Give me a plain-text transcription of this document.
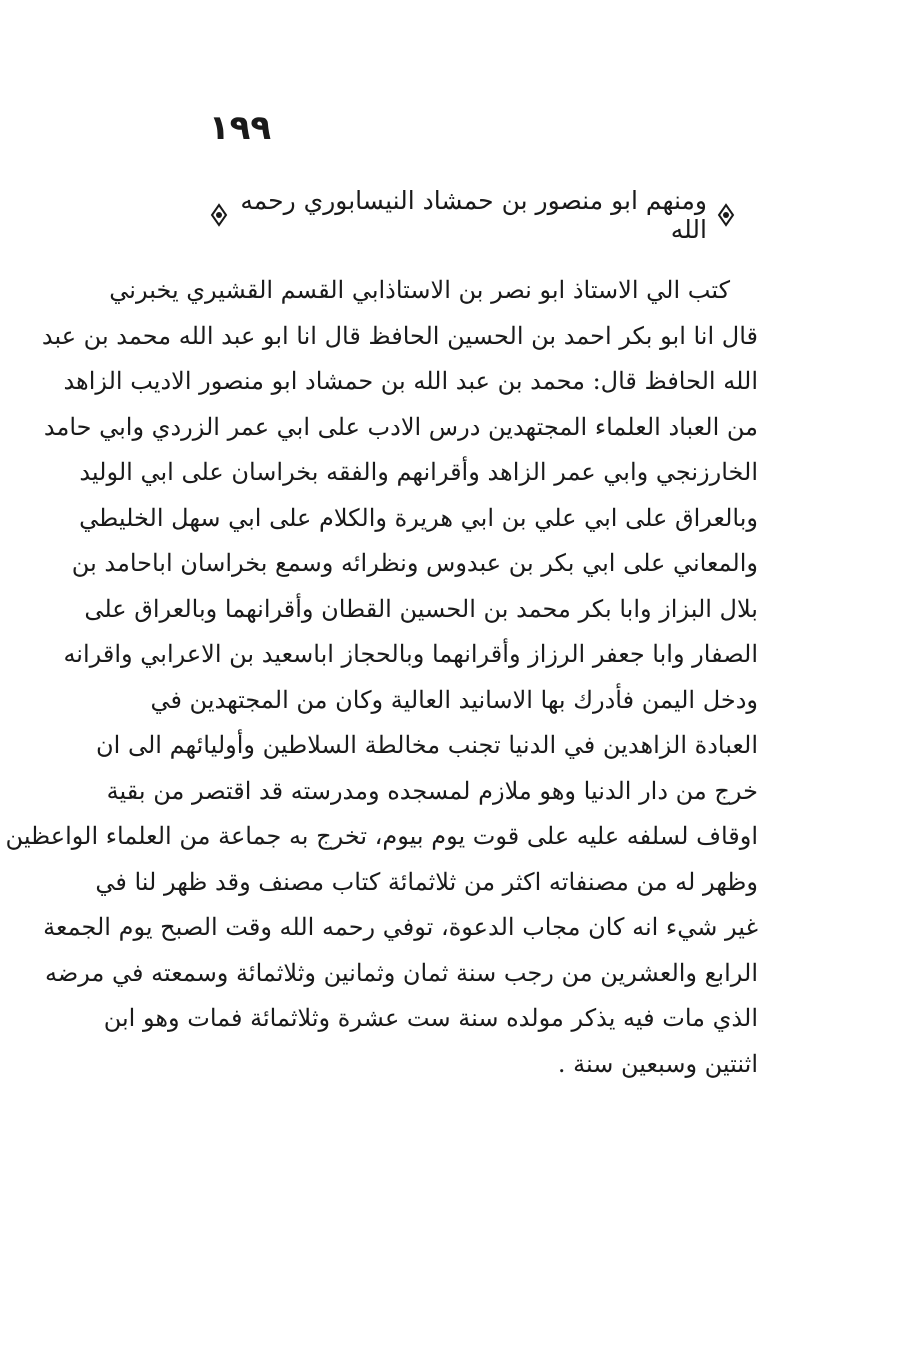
١٩٩
ومنهم ابو منصور بن حمشاد النيسابوري رحمه الله
كتب الي الاستاذ ابو نصر بن الاستاذابي القسم القشيري يخبرني
قال انا ابو بكر احمد بن الحسين الحافظ قال انا ابو عبد الله محمد بن عبد
الله الحافظ قال: محمد بن عبد الله بن حمشاد ابو منصور الاديب الزاهد
من العباد العلماء المجتهدين درس الادب على ابي عمر الزردي وابي حامد
الخارزنجي وابي عمر الزاهد وأقرانهم والفقه بخراسان على ابي الوليد
وبالعراق على ابي علي بن ابي هريرة والكلام على ابي سهل الخليطي
والمعاني على ابي بكر بن عبدوس ونظرائه وسمع بخراسان اباحامد بن
بلال البزاز وابا بكر محمد بن الحسين القطان وأقرانهما وبالعراق على
الصفار وابا جعفر الرزاز وأقرانهما وبالحجاز اباسعيد بن الاعرابي واقرانه
ودخل اليمن فأدرك بها الاسانيد العالية وكان من المجتهدين في
العبادة الزاهدين في الدنيا تجنب مخالطة السلاطين وأوليائهم الى ان
خرج من دار الدنيا وهو ملازم لمسجده ومدرسته قد اقتصر من بقية
اوقاف لسلفه عليه على قوت يوم بيوم، تخرج به جماعة من العلماء الواعظين
وظهر له من مصنفاته اكثر من ثلاثمائة كتاب مصنف وقد ظهر لنا في
غير شيء انه كان مجاب الدعوة، توفي رحمه الله وقت الصبح يوم الجمعة
الرابع والعشرين من رجب سنة ثمان وثمانين وثلاثمائة وسمعته في مرضه
الذي مات فيه يذكر مولده سنة ست عشرة وثلاثمائة فمات وهو ابن
اثنتين وسبعين سنة .
